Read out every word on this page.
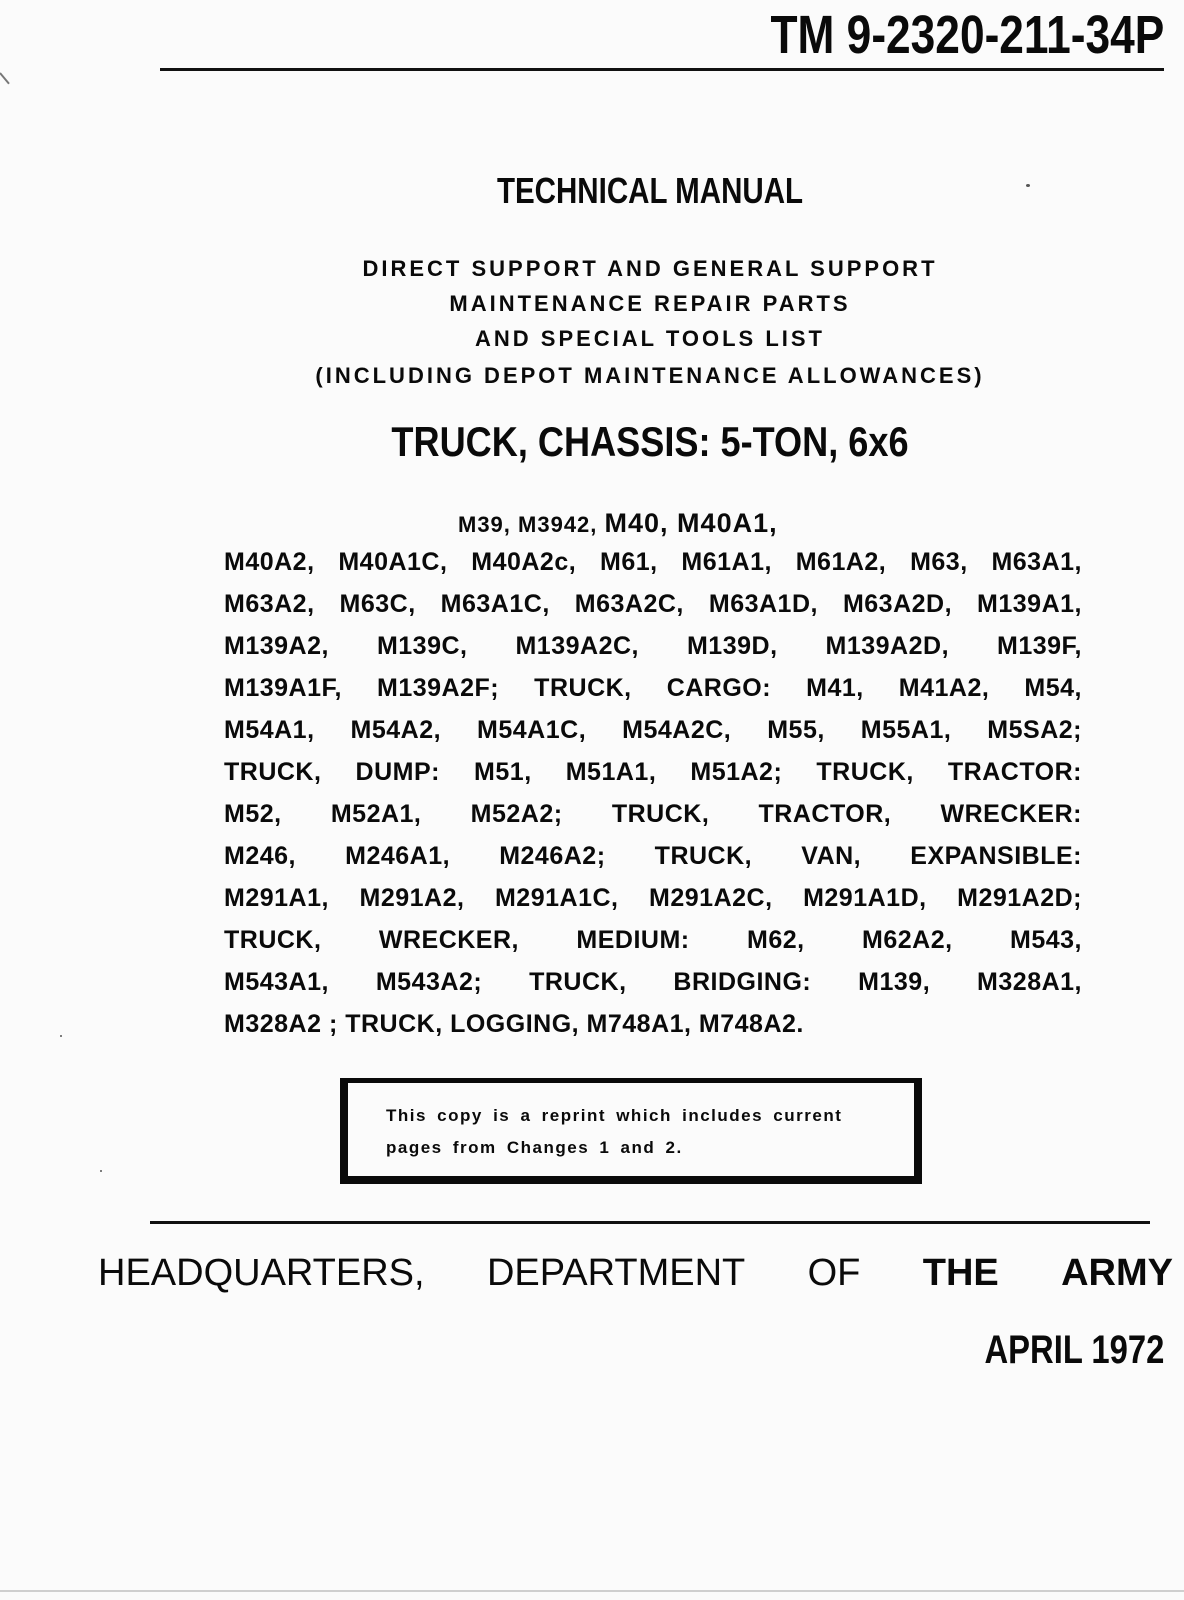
TM 9-2320-211-34P
TECHNICAL MANUAL
DIRECT SUPPORT AND GENERAL SUPPORT
MAINTENANCE REPAIR PARTS
AND SPECIAL TOOLS LIST
(INCLUDING DEPOT MAINTENANCE ALLOWANCES)
TRUCK, CHASSIS: 5-TON, 6x6
M39, M3942, M40, M40A1,
M40A2, M40A1C, M40A2c, M61, M61A1, M61A2, M63, M63A1,
M63A2, M63C, M63A1C, M63A2C, M63A1D, M63A2D, M139A1,
M139A2, M139C, M139A2C, M139D, M139A2D, M139F,
M139A1F, M139A2F; TRUCK, CARGO: M41, M41A2, M54,
M54A1, M54A2, M54A1C, M54A2C, M55, M55A1, M5SA2;
TRUCK, DUMP: M51, M51A1, M51A2; TRUCK, TRACTOR:
M52, M52A1, M52A2; TRUCK, TRACTOR, WRECKER:
M246, M246A1, M246A2; TRUCK, VAN, EXPANSIBLE:
M291A1, M291A2, M291A1C, M291A2C, M291A1D, M291A2D;
TRUCK, WRECKER, MEDIUM: M62, M62A2, M543,
M543A1, M543A2; TRUCK, BRIDGING: M139, M328A1,
M328A2 ; TRUCK, LOGGING, M748A1, M748A2.
This copy is a reprint which includes current
pages from Changes 1 and 2.
HEADQUARTERS, DEPARTMENT OF THE ARMY
APRIL 1972
